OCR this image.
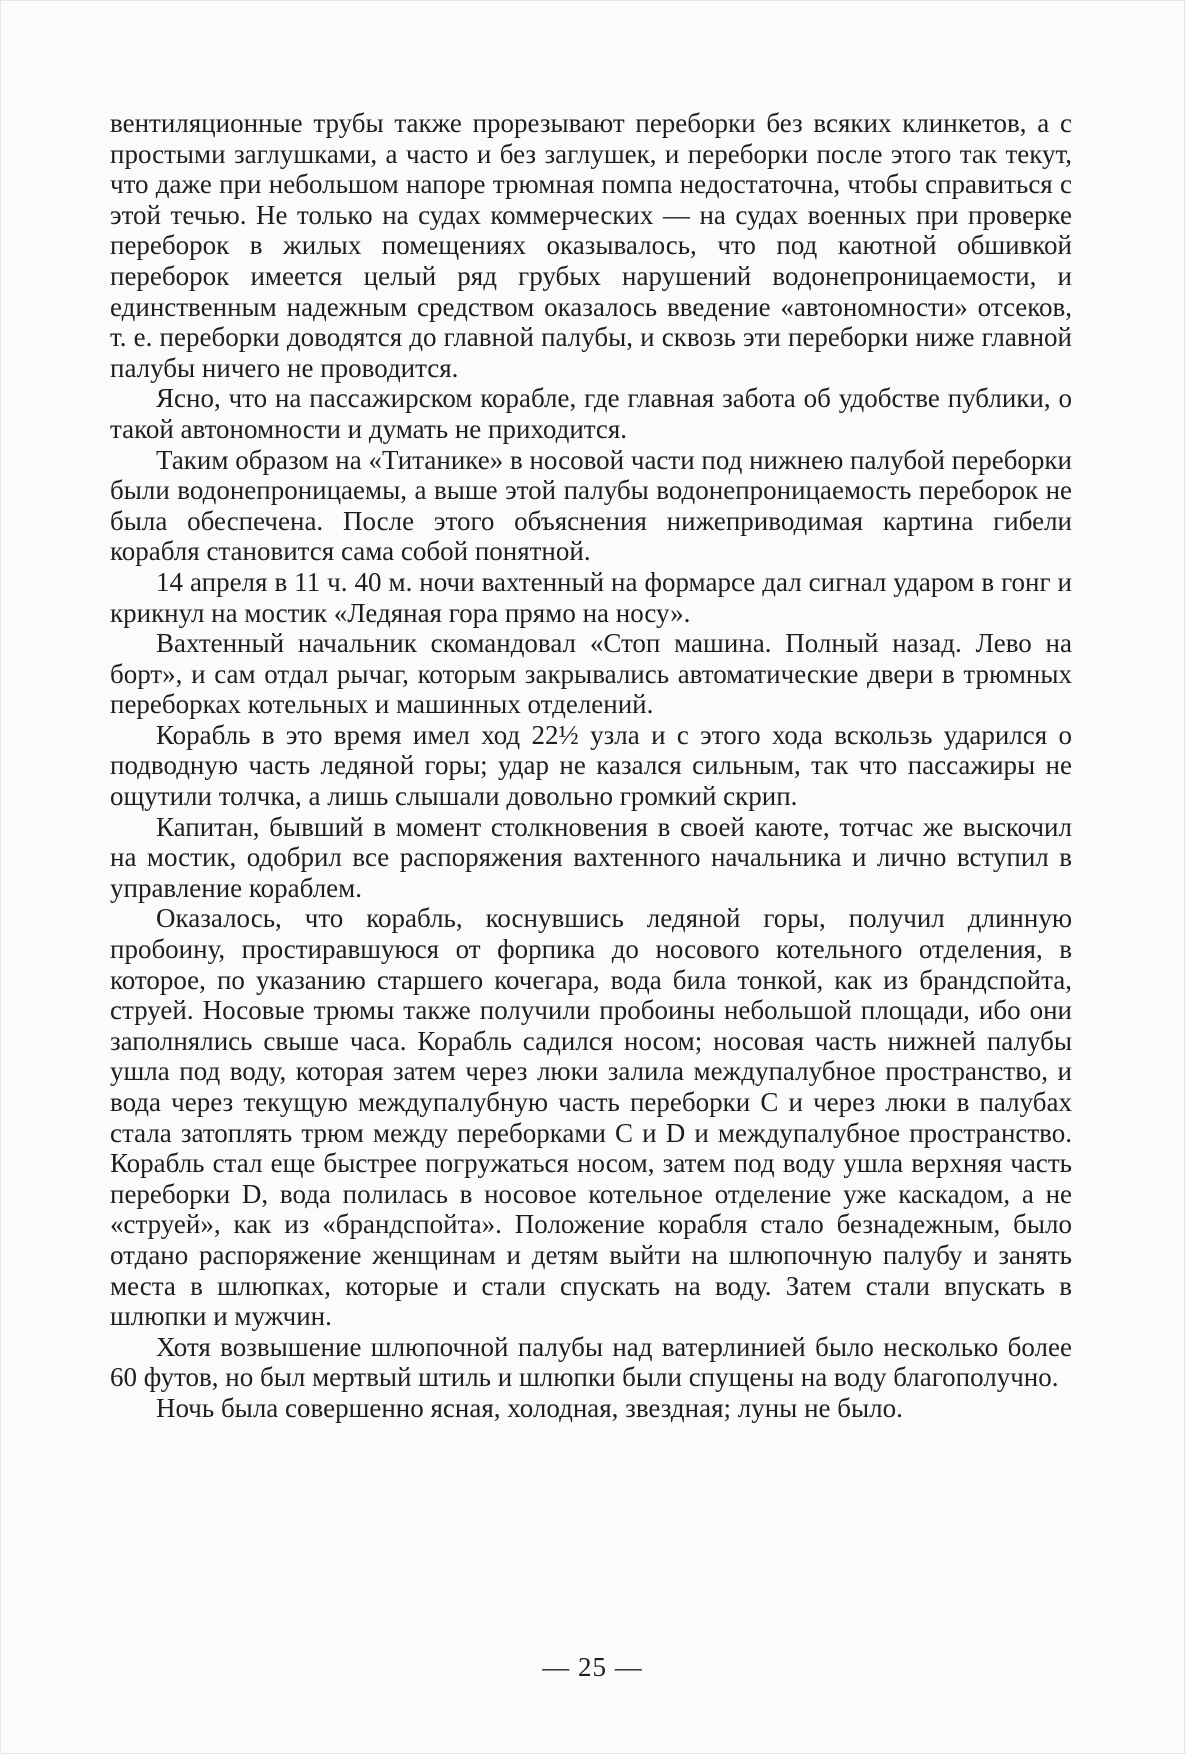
вентиляционные трубы также прорезывают переборки без всяких клинкетов, а с простыми заглушками, а часто и без заглушек, и переборки после этого так текут, что даже при небольшом напоре трюмная помпа недостаточна, чтобы справиться с этой течью. Не только на судах коммерческих — на судах военных при проверке переборок в жилых помещениях оказывалось, что под каютной обшивкой переборок имеется целый ряд грубых нарушений водонепроницаемости, и единственным надежным средством оказалось введение «автономности» отсеков, т. е. переборки доводятся до главной палубы, и сквозь эти переборки ниже главной палубы ничего не проводится.

Ясно, что на пассажирском корабле, где главная забота об удобстве публики, о такой автономности и думать не приходится.

Таким образом на «Титанике» в носовой части под нижнею палубой переборки были водонепроницаемы, а выше этой палубы водонепроницаемость переборок не была обеспечена. После этого объяснения нижеприводимая картина гибели корабля становится сама собой понятной.

14 апреля в 11 ч. 40 м. ночи вахтенный на формарсе дал сигнал ударом в гонг и крикнул на мостик «Ледяная гора прямо на носу».

Вахтенный начальник скомандовал «Стоп машина. Полный назад. Лево на борт», и сам отдал рычаг, которым закрывались автоматические двери в трюмных переборках котельных и машинных отделений.

Корабль в это время имел ход 22½ узла и с этого хода вскользь ударился о подводную часть ледяной горы; удар не казался сильным, так что пассажиры не ощутили толчка, а лишь слышали довольно громкий скрип.

Капитан, бывший в момент столкновения в своей каюте, тотчас же выскочил на мостик, одобрил все распоряжения вахтенного начальника и лично вступил в управление кораблем.

Оказалось, что корабль, коснувшись ледяной горы, получил длинную пробоину, простиравшуюся от форпика до носового котельного отделения, в которое, по указанию старшего кочегара, вода била тонкой, как из брандспойта, струей. Носовые трюмы также получили пробоины небольшой площади, ибо они заполнялись свыше часа. Корабль садился носом; носовая часть нижней палубы ушла под воду, которая затем через люки залила междупалубное пространство, и вода через текущую междупалубную часть переборки C и через люки в палубах стала затоплять трюм между переборками C и D и междупалубное пространство. Корабль стал еще быстрее погружаться носом, затем под воду ушла верхняя часть переборки D, вода полилась в носовое котельное отделение уже каскадом, а не «струей», как из «брандспойта». Положение корабля стало безнадежным, было отдано распоряжение женщинам и детям выйти на шлюпочную палубу и занять места в шлюпках, которые и стали спускать на воду. Затем стали впускать в шлюпки и мужчин.

Хотя возвышение шлюпочной палубы над ватерлинией было несколько более 60 футов, но был мертвый штиль и шлюпки были спущены на воду благополучно.

Ночь была совершенно ясная, холодная, звездная; луны не было.

— 25 —
